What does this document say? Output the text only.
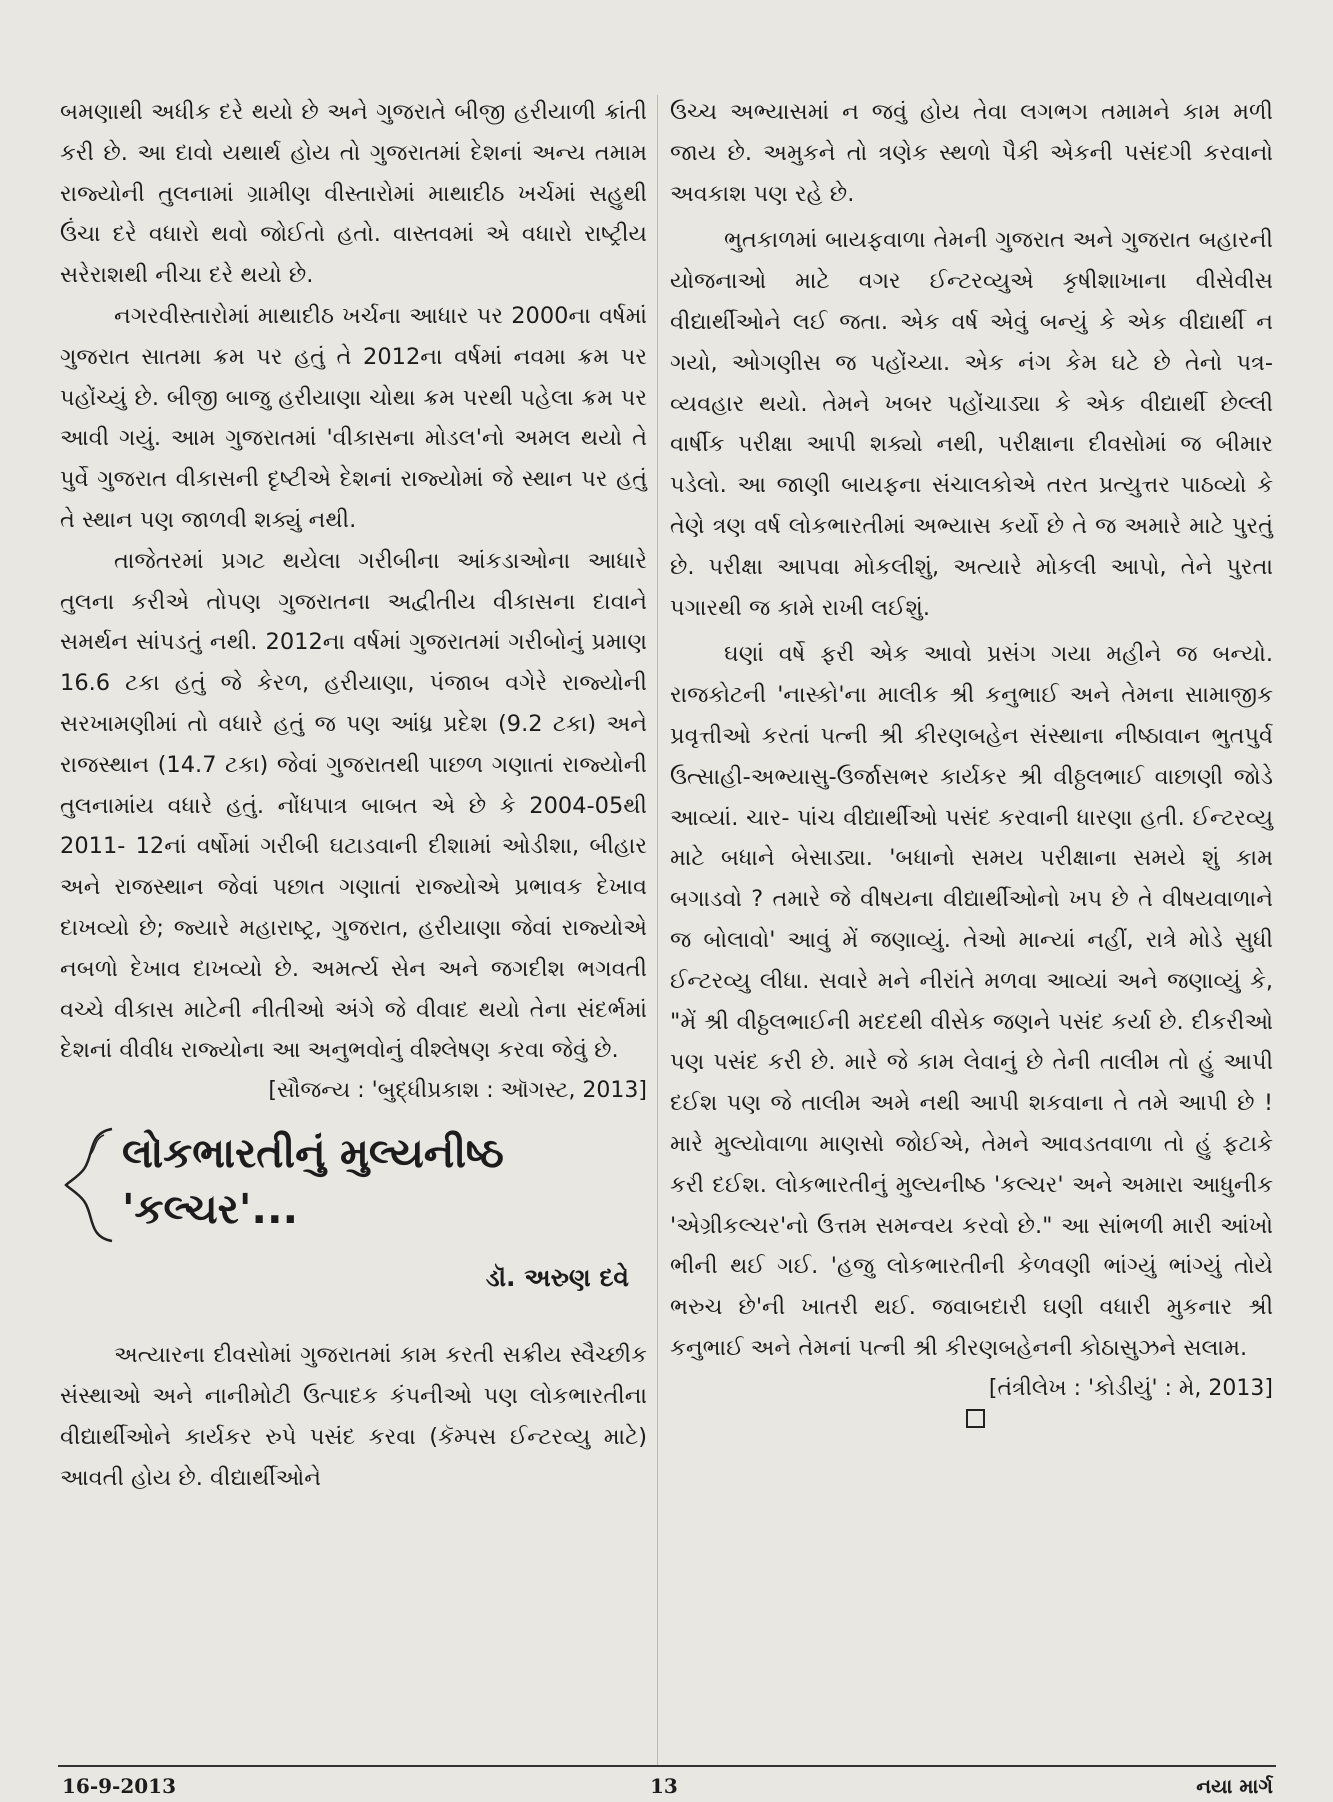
બમણાથી અધીક દરે થયો છે અને ગુજરાતે બીજી હરીયાળી ક્રાંતી કરી છે. આ દાવો યથાર્થ હોય તો ગુજરાતમાં દેશનાં અન્ય તમામ રાજ્યોની તુલનામાં ગ્રામીણ વીસ્તારોમાં માથાદીઠ ખર્ચમાં સહુથી ઉંચા દરે વધારો થવો જોઈતો હતો. વાસ્તવમાં એ વધારો રાષ્ટ્રીય સરેરાશથી નીચા દરે થયો છે.

નગરવીસ્તારોમાં માથાદીઠ ખર્ચના આધાર પર 2000ના વર્ષમાં ગુજરાત સાતમા ક્રમ પર હતું તે 2012ના વર્ષમાં નવમા ક્રમ પર પહોંચ્યું છે. બીજી બાજુ હરીયાણા ચોથા ક્રમ પરથી પહેલા ક્રમ પર આવી ગયું. આમ ગુજરાતમાં 'વીકાસના મોડલ'નો અમલ થયો તે પુર્વે ગુજરાત વીકાસની દૃષ્ટીએ દેશનાં રાજ્યોમાં જે સ્થાન પર હતું તે સ્થાન પણ જાળવી શક્યું નથી.

તાજેતરમાં પ્રગટ થયેલા ગરીબીના આંકડાઓના આધારે તુલના કરીએ તોપણ ગુજરાતના અદ્વીતીય વીકાસના દાવાને સમર્થન સાંપડતું નથી. 2012ના વર્ષમાં ગુજરાતમાં ગરીબોનું પ્રમાણ 16.6 ટકા હતું જે કેરળ, હરીયાણા, પંજાબ વગેરે રાજ્યોની સરખામણીમાં તો વધારે હતું જ પણ આંધ્ર પ્રદેશ (9.2 ટકા) અને રાજસ્થાન (14.7 ટકા) જેવાં ગુજરાતથી પાછળ ગણાતાં રાજ્યોની તુલનામાંય વધારે હતું. નોંધપાત્ર બાબત એ છે કે 2004-05થી 2011- 12નાં વર્ષોમાં ગરીબી ઘટાડવાની દીશામાં ઓડીશા, બીહાર અને રાજસ્થાન જેવાં પછાત ગણાતાં રાજ્યોએ પ્રભાવક દેખાવ દાખવ્યો છે; જ્યારે મહારાષ્ટ્ર, ગુજરાત, હરીયાણા જેવાં રાજ્યોએ નબળો દેખાવ દાખવ્યો છે. અમર્ત્ય સેન અને જગદીશ ભગવતી વચ્ચે વીકાસ માટેની નીતીઓ અંગે જે વીવાદ થયો તેના સંદર્ભમાં દેશનાં વીવીધ રાજ્યોના આ અનુભવોનું વીશ્લેષણ કરવા જેવું છે.

[સૌજન્ય : 'બુદ્ધીપ્રકાશ : ઑગસ્ટ, 2013]

લોકભારતીનું મુલ્યનીષ્ઠ

'કલ્ચર'...

ડૉ. અરુણ દવે

અત્યારના દીવસોમાં ગુજરાતમાં કામ કરતી સક્રીય સ્વૈચ્છીક સંસ્થાઓ અને નાનીમોટી ઉત્પાદક કંપનીઓ પણ લોકભારતીના વીદ્યાર્થીઓને કાર્યકર રુપે પસંદ કરવા (કૅમ્પસ ઈન્ટરવ્યુ માટે) આવતી હોય છે. વીદ્યાર્થીઓને

ઉચ્ચ અભ્યાસમાં ન જવું હોય તેવા લગભગ તમામને કામ મળી જાય છે. અમુકને તો ત્રણેક સ્થળો પૈકી એકની પસંદગી કરવાનો અવકાશ પણ રહે છે.

ભુતકાળમાં બાયફવાળા તેમની ગુજરાત અને ગુજરાત બહારની યોજનાઓ માટે વગર ઈન્ટરવ્યુએ કૃષીશાખાના વીસેવીસ વીદ્યાર્થીઓને લઈ જતા. એક વર્ષ એવું બન્યું કે એક વીદ્યાર્થી ન ગયો, ઓગણીસ જ પહોંચ્યા. એક નંગ કેમ ઘટે છે તેનો પત્ર-વ્યવહાર થયો. તેમને ખબર પહોંચાડ્યા કે એક વીદ્યાર્થી છેલ્લી વાર્ષીક પરીક્ષા આપી શક્યો નથી, પરીક્ષાના દીવસોમાં જ બીમાર પડેલો. આ જાણી બાયફના સંચાલકોએ તરત પ્રત્યુત્તર પાઠવ્યો કે તેણે ત્રણ વર્ષ લોકભારતીમાં અભ્યાસ કર્યો છે તે જ અમારે માટે પુરતું છે. પરીક્ષા આપવા મોકલીશું, અત્યારે મોકલી આપો, તેને પુરતા પગારથી જ કામે રાખી લઈશું.

ઘણાં વર્ષે ફરી એક આવો પ્રસંગ ગયા મહીને જ બન્યો. રાજકોટની 'નાસ્કો'ના માલીક શ્રી કનુભાઈ અને તેમના સામાજીક પ્રવૃત્તીઓ કરતાં પત્ની શ્રી કીરણબહેન સંસ્થાના નીષ્ઠાવાન ભુતપુર્વ ઉત્સાહી-અભ્યાસુ-ઉર્જાસભર કાર્યકર શ્રી વીઠ્ઠલભાઈ વાછાણી જોડે આવ્યાં. ચાર- પાંચ વીદ્યાર્થીઓ પસંદ કરવાની ધારણા હતી. ઈન્ટરવ્યુ માટે બધાને બેસાડ્યા. 'બધાનો સમય પરીક્ષાના સમયે શું કામ બગાડવો ? તમારે જે વીષયના વીદ્યાર્થીઓનો ખપ છે તે વીષયવાળાને જ બોલાવો' આવું મેં જણાવ્યું. તેઓ માન્યાં નહીં, રાત્રે મોડે સુધી ઈન્ટરવ્યુ લીધા. સવારે મને નીરાંતે મળવા આવ્યાં અને જણાવ્યું કે, "મેં શ્રી વીઠ્ઠલભાઈની મદદથી વીસેક જણને પસંદ કર્યા છે. દીકરીઓ પણ પસંદ કરી છે. મારે જે કામ લેવાનું છે તેની તાલીમ તો હું આપી દઈશ પણ જે તાલીમ અમે નથી આપી શકવાના તે તમે આપી છે ! મારે મુલ્યોવાળા માણસો જોઈએ, તેમને આવડતવાળા તો હું ફટાકે કરી દઈશ. લોકભારતીનું મુલ્યનીષ્ઠ 'કલ્ચર' અને અમારા આધુનીક 'એગ્રીકલ્ચર'નો ઉત્તમ સમન્વય કરવો છે." આ સાંભળી મારી આંખો ભીની થઈ ગઈ. 'હજુ લોકભારતીની કેળવણી ભાંગ્યું ભાંગ્યું તોયે ભરુચ છે'ની ખાતરી થઈ. જવાબદારી ઘણી વધારી મુકનાર શ્રી કનુભાઈ અને તેમનાં પત્ની શ્રી કીરણબહેનની કોઠાસુઝને સલામ.

[તંત્રીલેખ : 'કોડીયું' : મે, 2013]

16-9-2013	13	નયા માર્ગ
